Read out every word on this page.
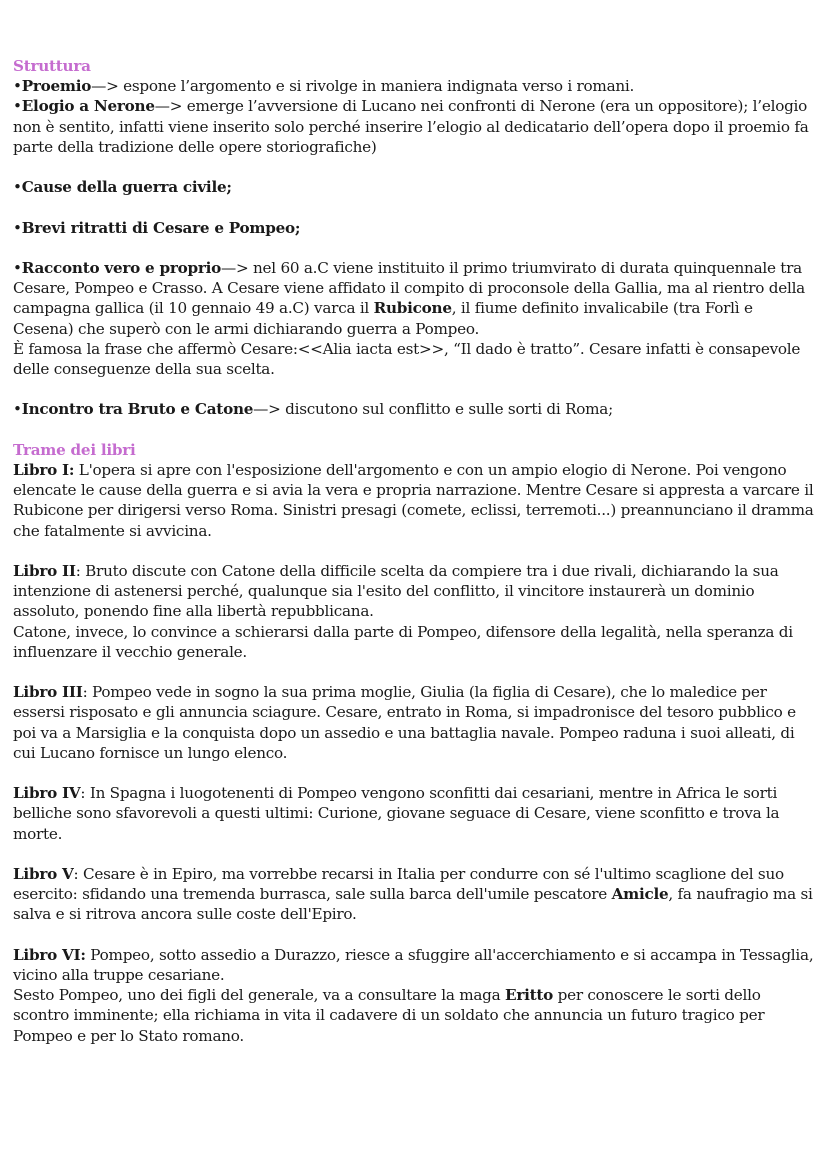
Struttura

•Proemio—> espone l’argomento e si rivolge in maniera indignata verso i romani.

•Elogio a Nerone—> emerge l’avversione di Lucano nei confronti di Nerone (era un oppositore); l’elogio non è sentito, infatti viene inserito solo perché inserire l’elogio al dedicatario dell’opera dopo il proemio fa parte della tradizione delle opere storiografiche)

•Cause della guerra civile;

•Brevi ritratti di Cesare e Pompeo;

•Racconto vero e proprio—> nel 60 a.C viene instituito il primo triumvirato di durata quinquennale tra Cesare, Pompeo e Crasso. A Cesare viene affidato il compito di proconsole della Gallia, ma al rientro della campagna gallica (il 10 gennaio 49 a.C) varca il Rubicone, il fiume definito invalicabile (tra Forlì e Cesena) che superò con le armi dichiarando guerra a Pompeo.

È famosa la frase che affermò Cesare:<<Alia iacta est>>, “Il dado è tratto”. Cesare infatti è consapevole delle conseguenze della sua scelta.

•Incontro tra Bruto e Catone—> discutono sul conflitto e sulle sorti di Roma;

Trame dei libri

Libro I: L'opera si apre con l'esposizione dell'argomento e con un ampio elogio di Nerone. Poi vengono elencate le cause della guerra e si avia la vera e propria narrazione. Mentre Cesare si appresta a varcare il Rubicone per dirigersi verso Roma. Sinistri presagi (comete, eclissi, terremoti...) preannunciano il dramma che fatalmente si avvicina.

Libro II: Bruto discute con Catone della difficile scelta da compiere tra i due rivali, dichiarando la sua intenzione di astenersi perché, qualunque sia l'esito del conflitto, il vincitore instaurerà un dominio assoluto, ponendo fine alla libertà repubblicana.

Catone, invece, lo convince a schierarsi dalla parte di Pompeo, difensore della legalità, nella speranza di influenzare il vecchio generale.

Libro III: Pompeo vede in sogno la sua prima moglie, Giulia (la figlia di Cesare), che lo maledice per essersi risposato e gli annuncia sciagure. Cesare, entrato in Roma, si impadronisce del tesoro pubblico e poi va a Marsiglia e la conquista dopo un assedio e una battaglia navale. Pompeo raduna i suoi alleati, di cui Lucano fornisce un lungo elenco.

Libro IV: In Spagna i luogotenenti di Pompeo vengono sconfitti dai cesariani, mentre in Africa le sorti belliche sono sfavorevoli a questi ultimi: Curione, giovane seguace di Cesare, viene sconfitto e trova la morte.

Libro V: Cesare è in Epiro, ma vorrebbe recarsi in Italia per condurre con sé l'ultimo scaglione del suo esercito: sfidando una tremenda burrasca, sale sulla barca dell'umile pescatore Amicle, fa naufragio ma si salva e si ritrova ancora sulle coste dell'Epiro.

Libro VI: Pompeo, sotto assedio a Durazzo, riesce a sfuggire all'accerchiamento e si accampa in Tessaglia, vicino alla truppe cesariane.

Sesto Pompeo, uno dei figli del generale, va a consultare la maga Eritto per conoscere le sorti dello scontro imminente; ella richiama in vita il cadavere di un soldato che annuncia un futuro tragico per Pompeo e per lo Stato romano.
